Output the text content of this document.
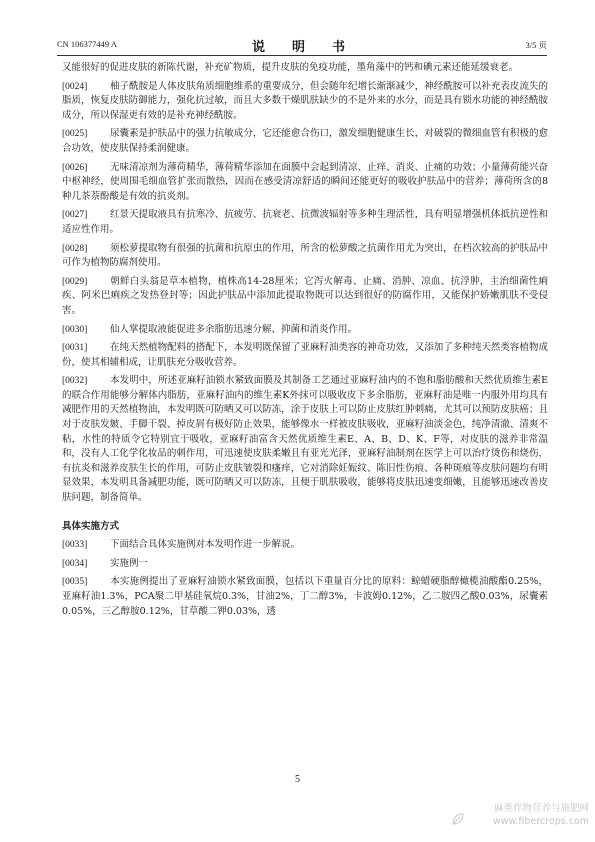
CN 106377449 A	说　明　书	3/5 页

又能很好的促进皮肤的新陈代谢，补充矿物质，提升皮肤的免疫功能，墨角藻中的钙和碘元素还能延缓衰老。

[0024] 柚子酰胺是人体皮肤角质细胞维系的重要成分，但会随年纪增长渐渐减少，神经酰胺可以补充表皮流失的脂质，恢复皮肤防御能力，强化抗过敏，而且大多数干燥肌肤缺少的不是外来的水分，而是具有锁水功能的神经酰胺成分，所以保湿更有效的是补充神经酰胺。

[0025] 尿囊素是护肤品中的强力抗敏成分，它还能愈合伤口，激发细胞健康生长，对破裂的微细血管有积极的愈合功效，使皮肤保持柔润健康。

[0026] 无味清凉剂为薄荷精华，薄荷精华添加在面膜中会起到清凉、止痒、消炎、止痛的功效；小量薄荷能兴奋中枢神经，使周围毛细血管扩张而散热，因而在感受清凉舒适的瞬间还能更好的吸收护肤品中的营养；薄荷所含的8种几茶萘酚酸是有效的抗炎剂。

[0027] 红景天提取液具有抗寒冷、抗疲劳、抗衰老、抗微波辐射等多种生理活性，具有明显增强机体抵抗逆性和适应性作用。

[0028] 须松萝提取物有很强的抗菌和抗原虫的作用，所含的松萝酸之抗菌作用尤为突出，在档次较高的护肤品中可作为植物防腐剂使用。

[0029] 朝鲜白头翁是草本植物，植株高14-28厘米；它泻火解毒、止痛、消肿、凉血、抗浮肿，主治细菌性痢疾、阿米巴痢疾之发热登封等；因此护肤品中添加此提取物既可以达到很好的防腐作用，又能保护娇嫩肌肤不受侵害。

[0030] 仙人掌提取液能促进多余脂肪迅速分解、抑菌和消炎作用。

[0031] 在纯天然植物配料的搭配下，本发明既保留了亚麻籽油类容的神奇功效，又添加了多种纯天然类容植物成份，使其相辅相成，让肌肤充分吸收营养。

[0032] 本发明中，所述亚麻籽油锁水紧致面膜及其制备工艺通过亚麻籽油内的不饱和脂肪酸和天然优质维生素E的联合作用能够分解体内脂肪，亚麻籽油内的维生素K外抹可以吸收皮下多余脂肪，亚麻籽油是唯一内服外用均具有减肥作用的天然植物油，本发明既可防晒又可以防冻，涂于皮肤上可以防止皮肤红肿刺痛，尤其可以预防皮肤癌；且对于皮肤发皴、手脚干裂、掉皮屑有极好防止效果，能够像水一样被皮肤吸收，亚麻籽油淡金色，纯净清澈、清爽不粘，水性的特质令它特别宜于吸收，亚麻籽油富含天然优质维生素E、A、B、D、K、F等，对皮肤的滋养非常温和，没有人工化学化妆品的刺作用，可迅速使皮肤柔嫩且有亚光光泽，亚麻籽油制剂在医学上可以治疗烫伤和烧伤，有抗炎和滋养皮肤生长的作用，可防止皮肤皱裂和瘙痒，它对消除妊娠纹、陈旧性伤痕、各种斑痕等皮肤问题均有明显效果，本发明具备减肥功能，既可防晒又可以防冻，且便于肌肤吸收，能够将皮肤迅速变细嫩，且能够迅速改善皮肤问题，制备简单。

具体实施方式

[0033] 下面结合具体实施例对本发明作进一步解说。

[0034] 实施例一

[0035] 本实施例提出了亚麻籽油锁水紧致面膜，包括以下重量百分比的原料：鲸蜡硬脂醇橄榄油酸酯0.25%，亚麻籽油1.3%，PCA聚二甲基硅氧烷0.3%，甘油2%，丁二醇3%，卡波姆0.12%，乙二胺四乙酸0.03%，尿囊素0.05%，三乙醇胺0.12%，甘草酸二钾0.03%，透

5
麻类作物营养与施肥网
www.fibercrops.com
